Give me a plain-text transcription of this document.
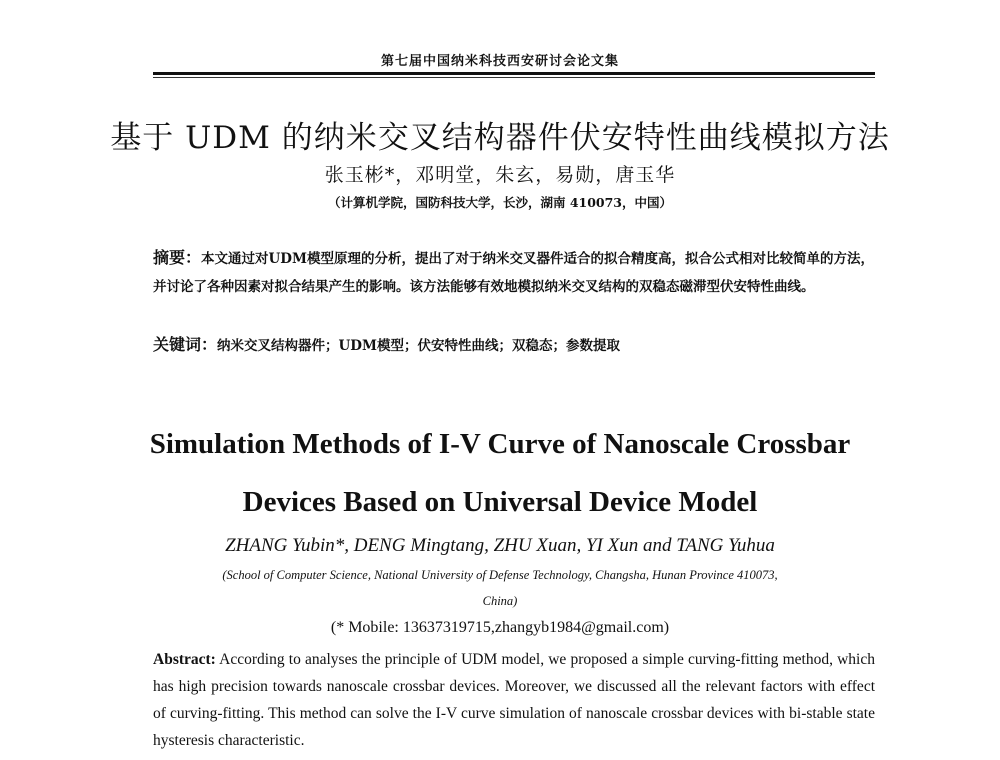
第七届中国纳米科技西安研讨会论文集
基于 UDM 的纳米交叉结构器件伏安特性曲线模拟方法
张玉彬*，邓明堂，朱玄，易勋，唐玉华
（计算机学院，国防科技大学，长沙，湖南 410073，中国）
摘要：本文通过对UDM模型原理的分析，提出了对于纳米交叉器件适合的拟合精度高，拟合公式相对比较简单的方法，并讨论了各种因素对拟合结果产生的影响。该方法能够有效地模拟纳米交叉结构的双稳态磁滞型伏安特性曲线。
关键词：纳米交叉结构器件；UDM模型；伏安特性曲线；双稳态；参数提取
Simulation Methods of I-V Curve of Nanoscale Crossbar
Devices Based on Universal Device Model
ZHANG Yubin*, DENG Mingtang, ZHU Xuan, YI Xun and TANG Yuhua
(School of Computer Science, National University of Defense Technology, Changsha, Hunan Province 410073,
China)
(* Mobile: 13637319715,zhangyb1984@gmail.com)
Abstract: According to analyses the principle of UDM model, we proposed a simple curving-fitting method, which has high precision towards nanoscale crossbar devices. Moreover, we discussed all the relevant factors with effect of curving-fitting. This method can solve the I-V curve simulation of nanoscale crossbar devices with bi-stable state hysteresis characteristic.
